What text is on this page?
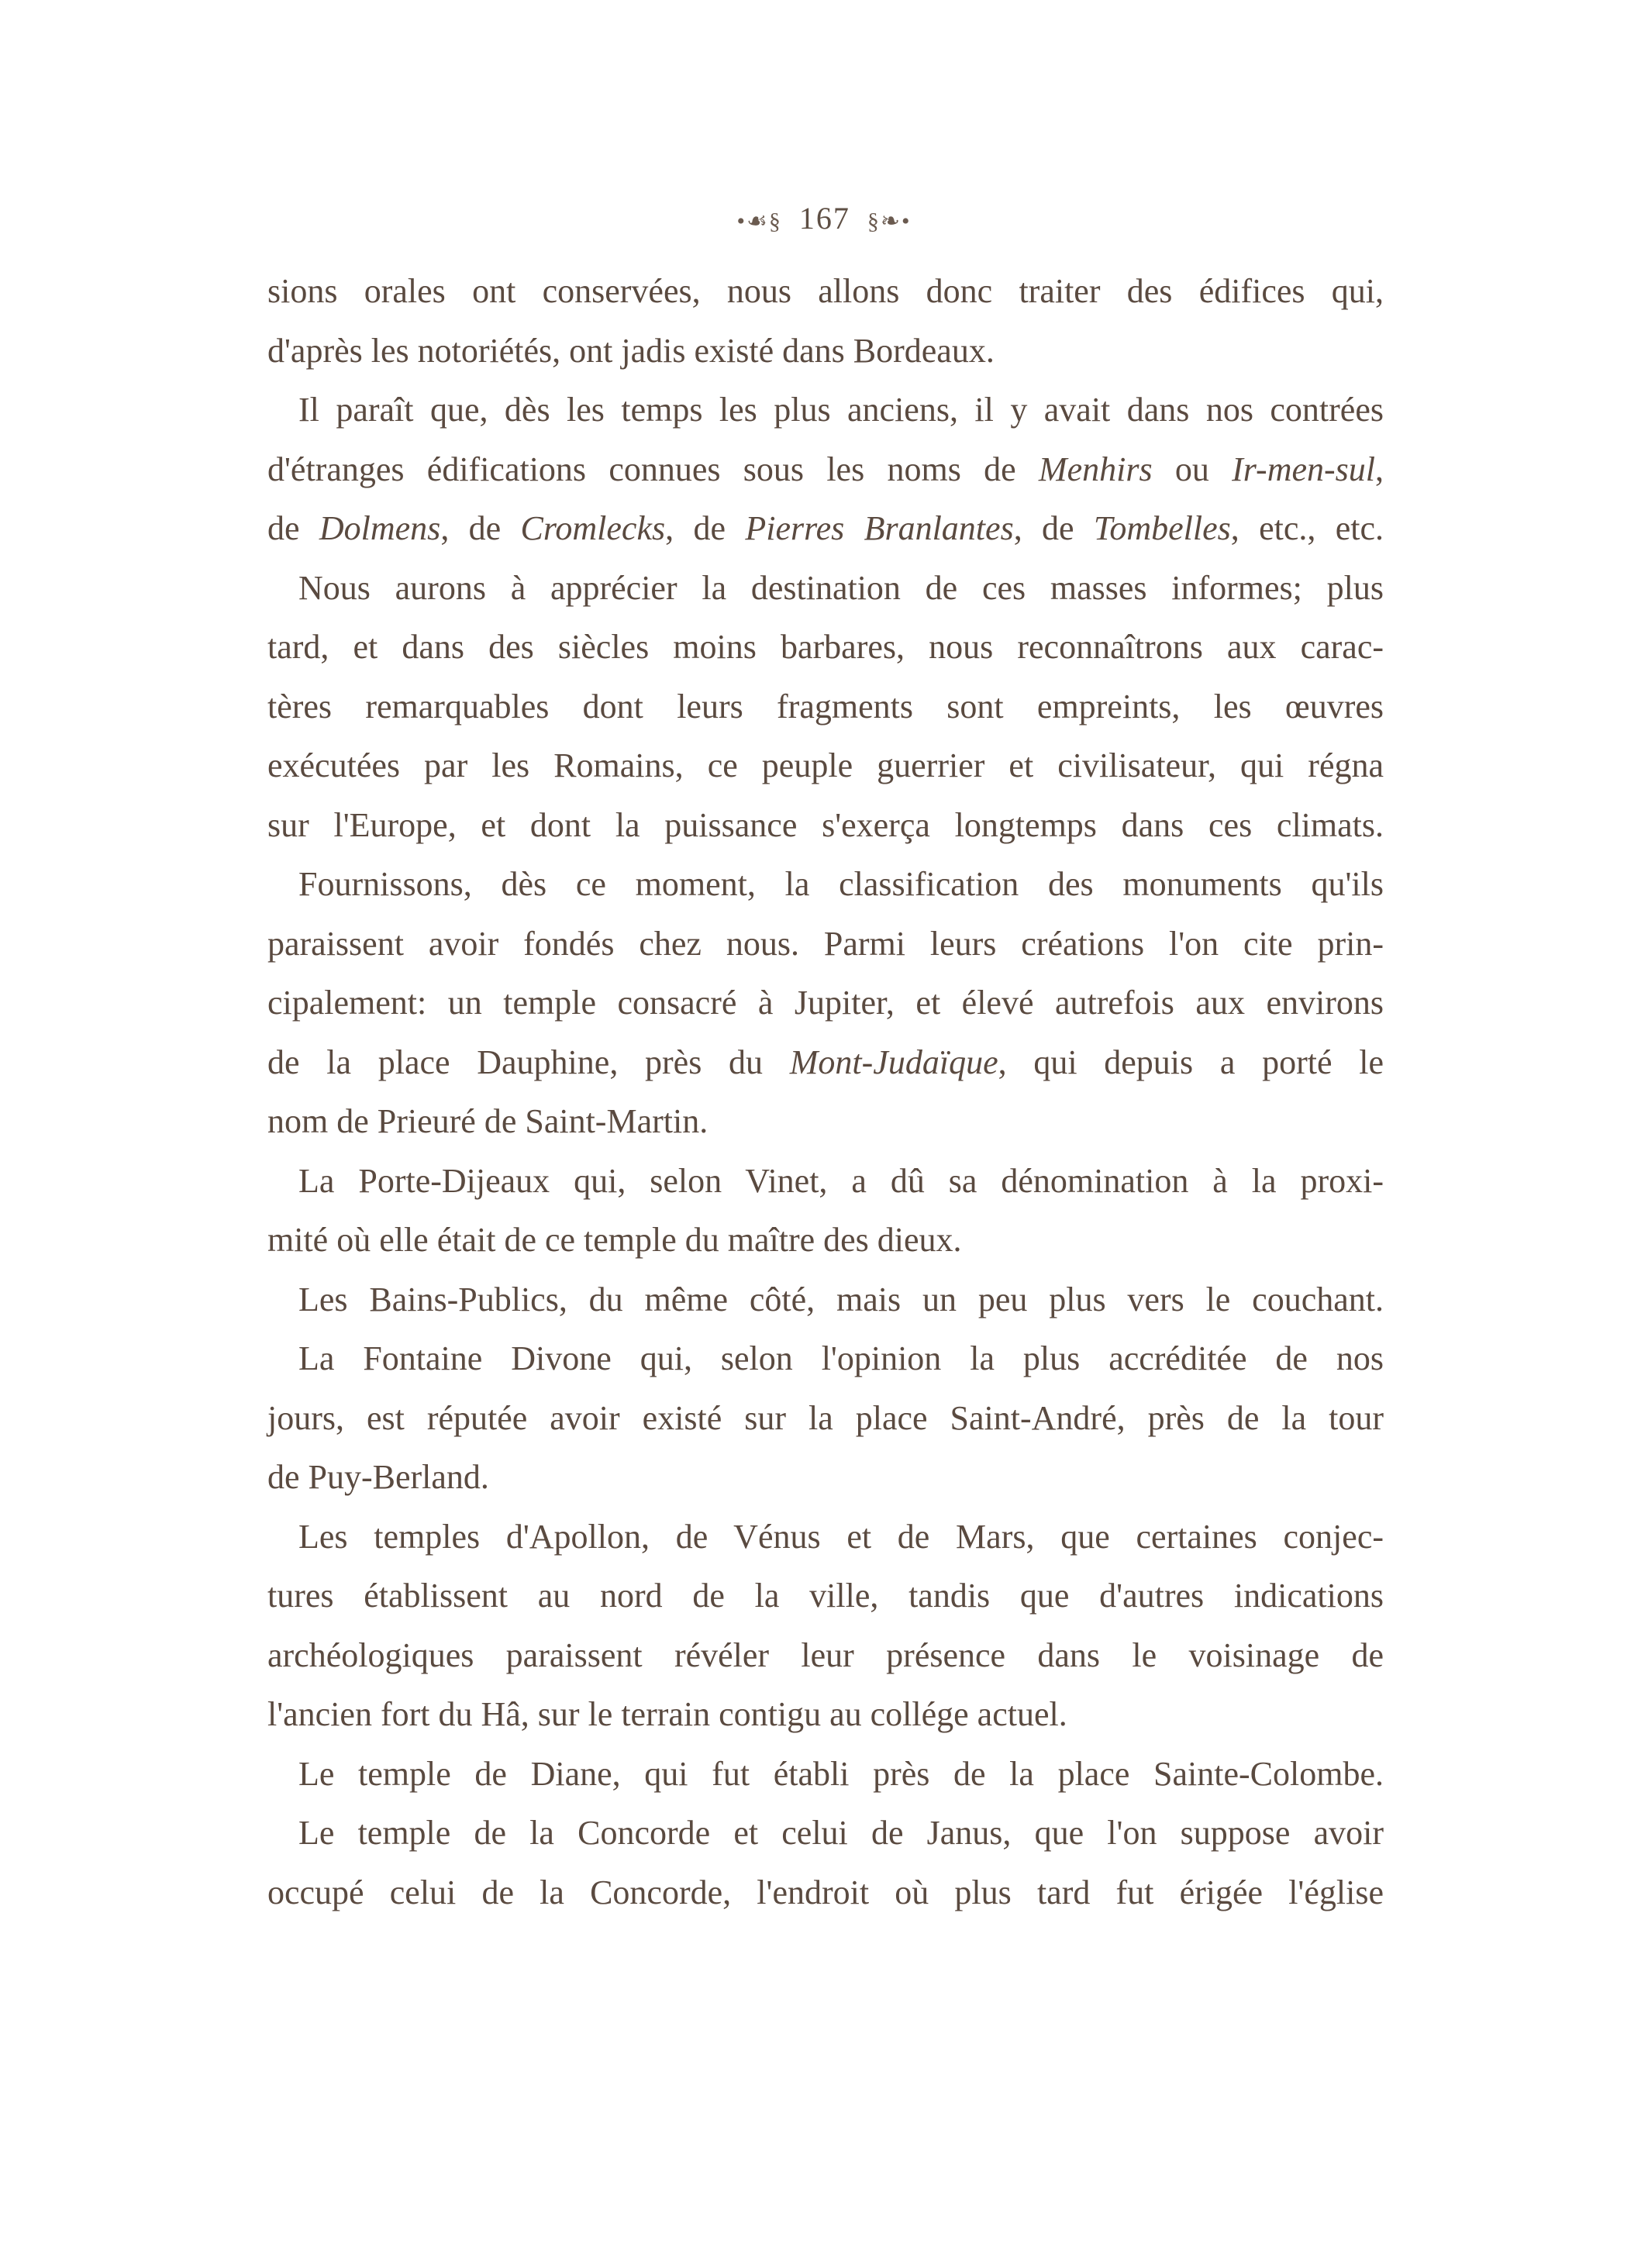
•☙§ 167 §❧•
sions orales ont conservées, nous allons donc traiter des édifices qui,
d'après les notoriétés, ont jadis existé dans Bordeaux.
Il paraît que, dès les temps les plus anciens, il y avait dans nos contrées
d'étranges édifications connues sous les noms de Menhirs ou Ir-men-sul,
de Dolmens, de Cromlecks, de Pierres Branlantes, de Tombelles, etc., etc.
Nous aurons à apprécier la destination de ces masses informes; plus
tard, et dans des siècles moins barbares, nous reconnaîtrons aux carac-
tères remarquables dont leurs fragments sont empreints, les œuvres
exécutées par les Romains, ce peuple guerrier et civilisateur, qui régna
sur l'Europe, et dont la puissance s'exerça longtemps dans ces climats.
Fournissons, dès ce moment, la classification des monuments qu'ils
paraissent avoir fondés chez nous. Parmi leurs créations l'on cite prin-
cipalement: un temple consacré à Jupiter, et élevé autrefois aux environs
de la place Dauphine, près du Mont-Judaïque, qui depuis a porté le
nom de Prieuré de Saint-Martin.
La Porte-Dijeaux qui, selon Vinet, a dû sa dénomination à la proxi-
mité où elle était de ce temple du maître des dieux.
Les Bains-Publics, du même côté, mais un peu plus vers le couchant.
La Fontaine Divone qui, selon l'opinion la plus accréditée de nos
jours, est réputée avoir existé sur la place Saint-André, près de la tour
de Puy-Berland.
Les temples d'Apollon, de Vénus et de Mars, que certaines conjec-
tures établissent au nord de la ville, tandis que d'autres indications
archéologiques paraissent révéler leur présence dans le voisinage de
l'ancien fort du Hâ, sur le terrain contigu au collége actuel.
Le temple de Diane, qui fut établi près de la place Sainte-Colombe.
Le temple de la Concorde et celui de Janus, que l'on suppose avoir
occupé celui de la Concorde, l'endroit où plus tard fut érigée l'église
